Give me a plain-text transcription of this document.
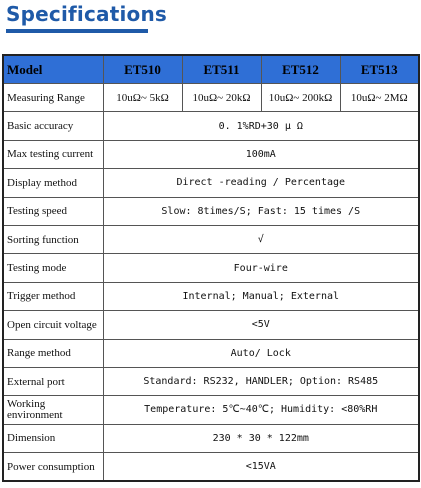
Specifications
Model	ET510	ET511	ET512	ET513
Measuring Range	10uΩ~ 5kΩ	10uΩ~ 20kΩ	10uΩ~ 200kΩ	10uΩ~ 2MΩ
Basic accuracy	0. 1%RD+30 μ Ω			
Max testing current	100mA			
Display method	Direct -reading / Percentage			
Testing speed	Slow: 8times/S; Fast: 15 times /S			
Sorting function	√			
Testing mode	Four-wire			
Trigger method	Internal; Manual; External			
Open circuit voltage	<5V			
Range method	Auto/ Lock			
External port	Standard: RS232, HANDLER; Option: RS485			
Working environment	Temperature: 5℃~40℃; Humidity: <80%RH			
Dimension	230 * 30 * 122mm			
Power consumption	<15VA			
